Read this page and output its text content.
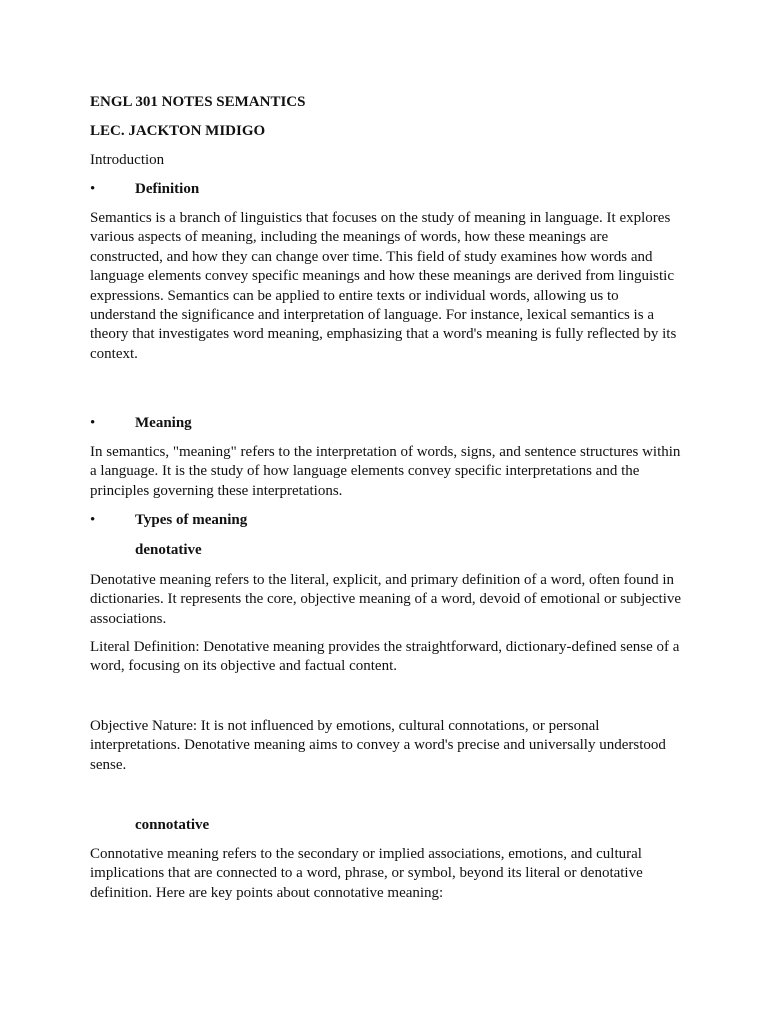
ENGL 301 NOTES SEMANTICS

LEC. JACKTON MIDIGO

Introduction

•	Definition

Semantics is a branch of linguistics that focuses on the study of meaning in language. It explores various aspects of meaning, including the meanings of words, how these meanings are constructed, and how they can change over time. This field of study examines how words and language elements convey specific meanings and how these meanings are derived from linguistic expressions. Semantics can be applied to entire texts or individual words, allowing us to understand the significance and interpretation of language. For instance, lexical semantics is a theory that investigates word meaning, emphasizing that a word's meaning is fully reflected by its context.

•	Meaning

In semantics, "meaning" refers to the interpretation of words, signs, and sentence structures within a language. It is the study of how language elements convey specific interpretations and the principles governing these interpretations.

•	Types of meaning

denotative

Denotative meaning refers to the literal, explicit, and primary definition of a word, often found in dictionaries. It represents the core, objective meaning of a word, devoid of emotional or subjective associations.

Literal Definition: Denotative meaning provides the straightforward, dictionary-defined sense of a word, focusing on its objective and factual content.

Objective Nature: It is not influenced by emotions, cultural connotations, or personal interpretations. Denotative meaning aims to convey a word's precise and universally understood sense.

connotative

Connotative meaning refers to the secondary or implied associations, emotions, and cultural implications that are connected to a word, phrase, or symbol, beyond its literal or denotative definition. Here are key points about connotative meaning:
